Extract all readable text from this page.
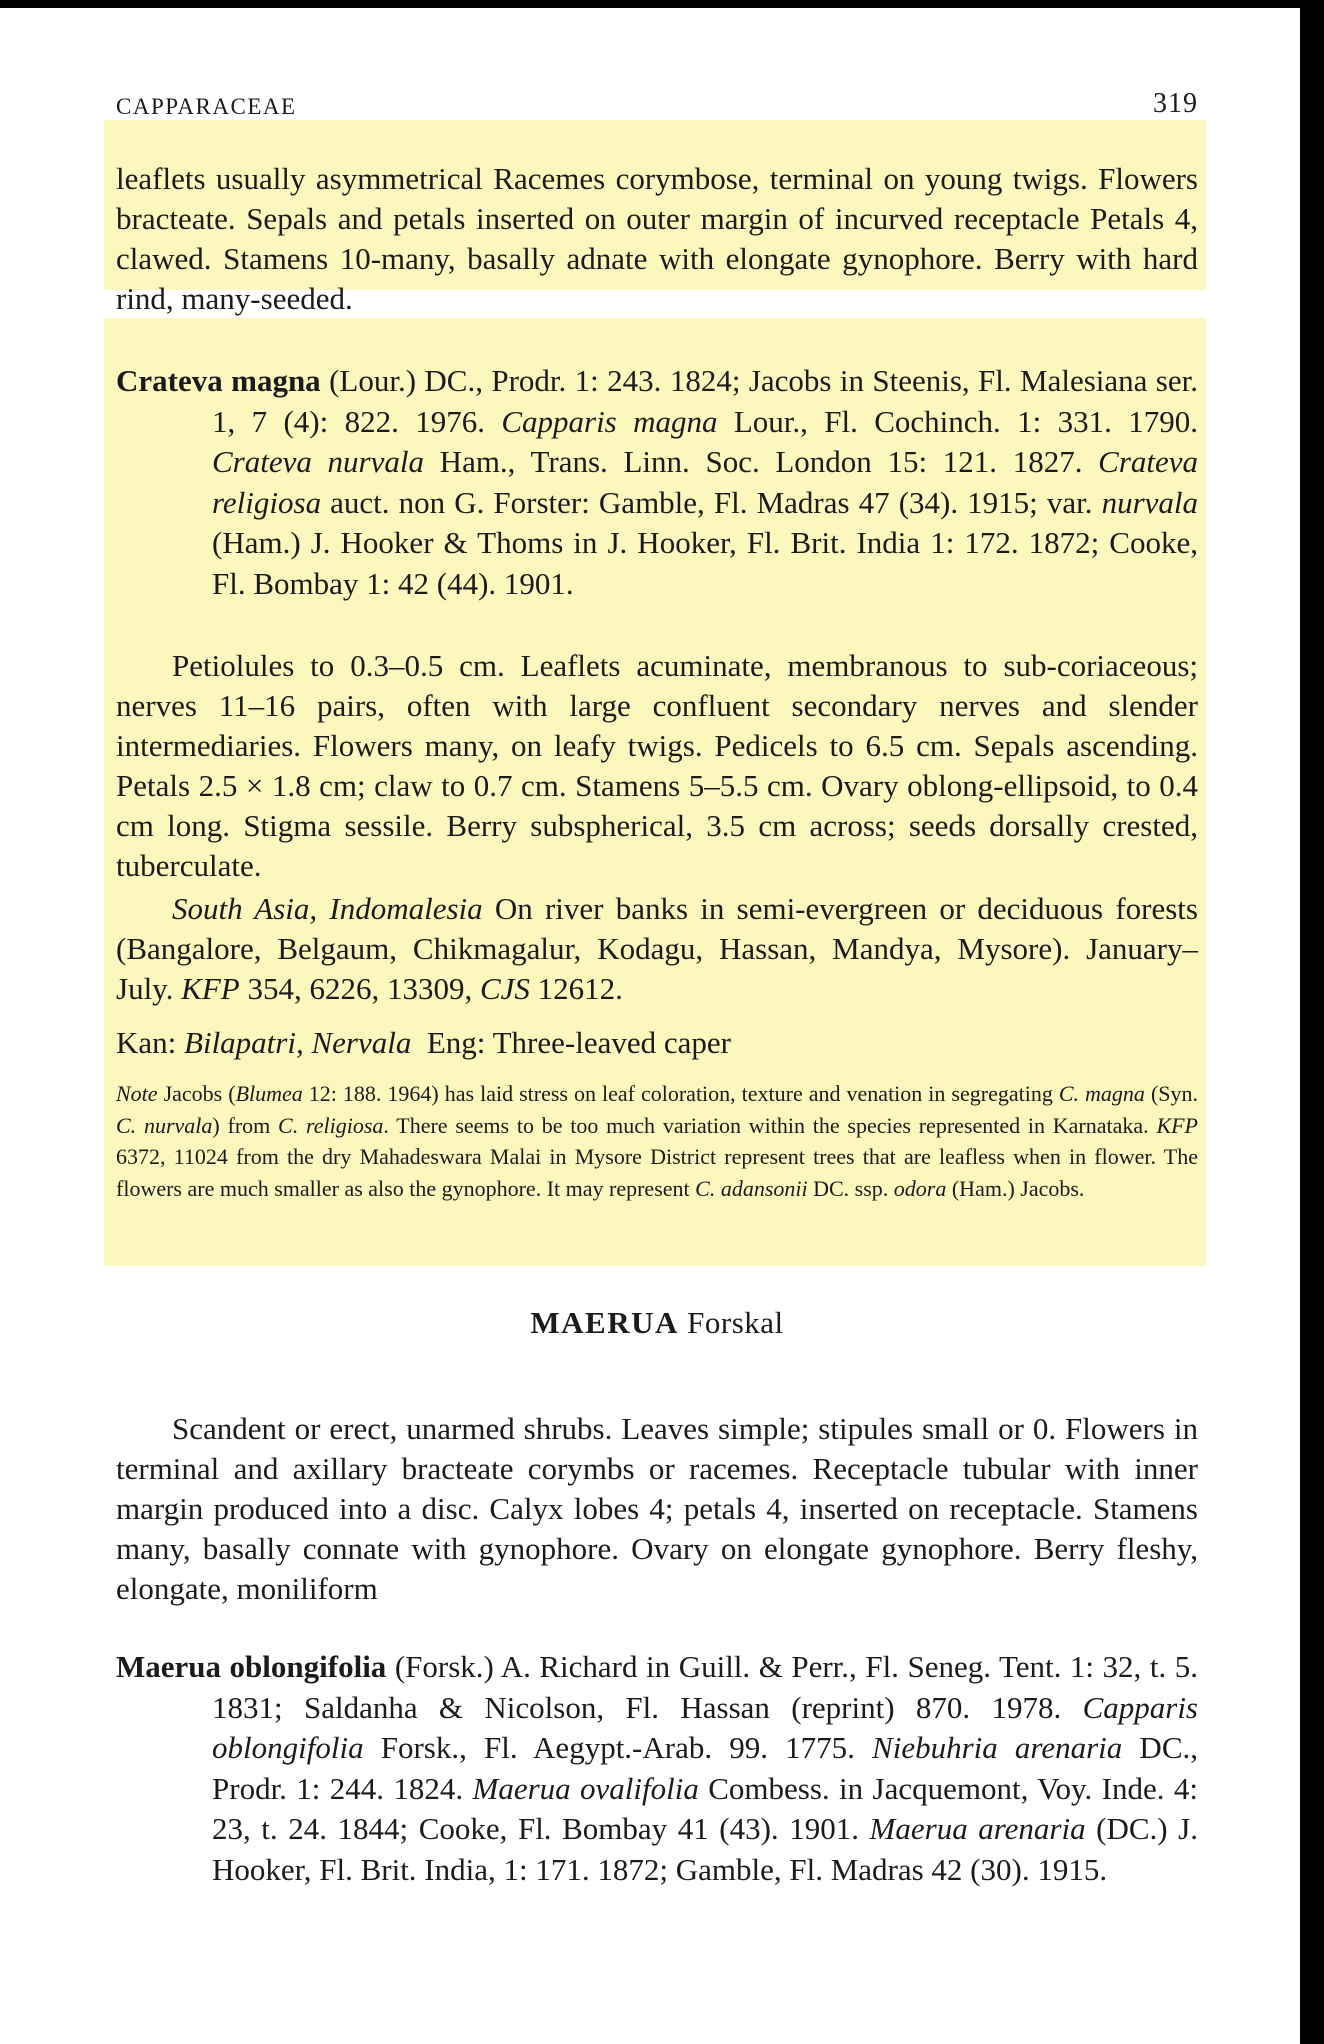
CAPPARACEAE	319

leaflets usually asymmetrical Racemes corymbose, terminal on young twigs. Flowers bracteate. Sepals and petals inserted on outer margin of incurved receptacle Petals 4, clawed. Stamens 10-many, basally adnate with elongate gynophore. Berry with hard rind, many-seeded.

Crateva magna (Lour.) DC., Prodr. 1: 243. 1824; Jacobs in Steenis, Fl. Malesiana ser. 1, 7 (4): 822. 1976. Capparis magna Lour., Fl. Cochinch. 1: 331. 1790. Crateva nurvala Ham., Trans. Linn. Soc. London 15: 121. 1827. Crateva religiosa auct. non G. Forster: Gamble, Fl. Madras 47 (34). 1915; var. nurvala (Ham.) J. Hooker & Thoms in J. Hooker, Fl. Brit. India 1: 172. 1872; Cooke, Fl. Bombay 1: 42 (44). 1901.

Petiolules to 0.3–0.5 cm. Leaflets acuminate, membranous to sub-coriaceous; nerves 11–16 pairs, often with large confluent secondary nerves and slender intermediaries. Flowers many, on leafy twigs. Pedicels to 6.5 cm. Sepals ascending. Petals 2.5 × 1.8 cm; claw to 0.7 cm. Stamens 5–5.5 cm. Ovary oblong-ellipsoid, to 0.4 cm long. Stigma sessile. Berry subspherical, 3.5 cm across; seeds dorsally crested, tuberculate.

South Asia, Indomalesia On river banks in semi-evergreen or deciduous forests (Bangalore, Belgaum, Chikmagalur, Kodagu, Hassan, Mandya, Mysore). January–July. KFP 354, 6226, 13309, CJS 12612.

Kan: Bilapatri, Nervala Eng: Three-leaved caper

Note Jacobs (Blumea 12: 188. 1964) has laid stress on leaf coloration, texture and venation in segregating C. magna (Syn. C. nurvala) from C. religiosa. There seems to be too much variation within the species represented in Karnataka. KFP 6372, 11024 from the dry Mahadeswara Malai in Mysore District represent trees that are leafless when in flower. The flowers are much smaller as also the gynophore. It may represent C. adansonii DC. ssp. odora (Ham.) Jacobs.

MAERUA Forskal

Scandent or erect, unarmed shrubs. Leaves simple; stipules small or 0. Flowers in terminal and axillary bracteate corymbs or racemes. Receptacle tubular with inner margin produced into a disc. Calyx lobes 4; petals 4, inserted on receptacle. Stamens many, basally connate with gynophore. Ovary on elongate gynophore. Berry fleshy, elongate, moniliform

Maerua oblongifolia (Forsk.) A. Richard in Guill. & Perr., Fl. Seneg. Tent. 1: 32, t. 5. 1831; Saldanha & Nicolson, Fl. Hassan (reprint) 870. 1978. Capparis oblongifolia Forsk., Fl. Aegypt.-Arab. 99. 1775. Niebuhria arenaria DC., Prodr. 1: 244. 1824. Maerua ovalifolia Combess. in Jacquemont, Voy. Inde. 4: 23, t. 24. 1844; Cooke, Fl. Bombay 41 (43). 1901. Maerua arenaria (DC.) J. Hooker, Fl. Brit. India, 1: 171. 1872; Gamble, Fl. Madras 42 (30). 1915.
